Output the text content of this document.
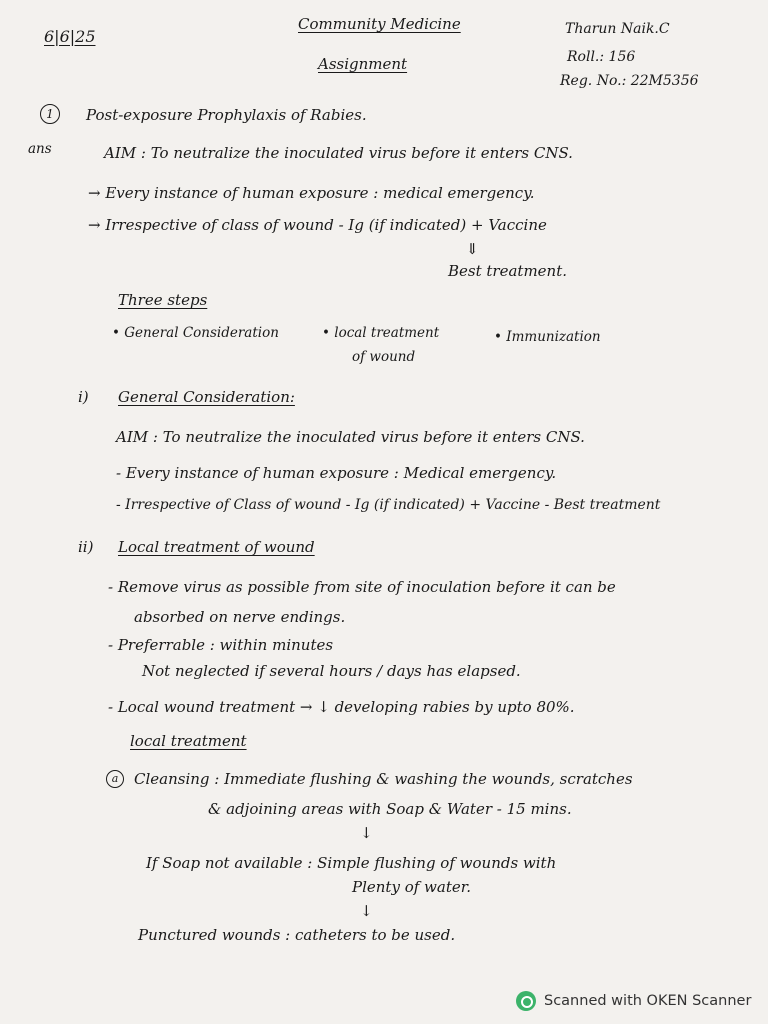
6|6|25
Community Medicine
Assignment
Tharun Naik.C
Roll.: 156
Reg. No.: 22M5356
1	Post-exposure Prophylaxis of Rabies.
ans	AIM : To neutralize the inoculated virus before it enters CNS.
→ Every instance of human exposure : medical emergency.
→ Irrespective of class of wound - Ig (if indicated) + Vaccine
⇓
Best treatment.
Three steps
• General Consideration	• local treatment
of wound
• Immunization
i) General Consideration:
AIM : To neutralize the inoculated virus before it enters CNS.
- Every instance of human exposure : Medical emergency.
- Irrespective of Class of wound - Ig (if indicated) + Vaccine - Best treatment
ii) Local treatment of wound
- Remove virus as possible from site of inoculation before it can be
absorbed on nerve endings.
- Preferrable : within minutes
Not neglected if several hours / days has elapsed.
- Local wound treatment → ↓ developing rabies by upto 80%.
local treatment
a	Cleansing : Immediate flushing & washing the wounds, scratches
& adjoining areas with Soap & Water - 15 mins.
↓
If Soap not available : Simple flushing of wounds with
Plenty of water.
↓
Punctured wounds : catheters to be used.
Scanned with OKEN Scanner
